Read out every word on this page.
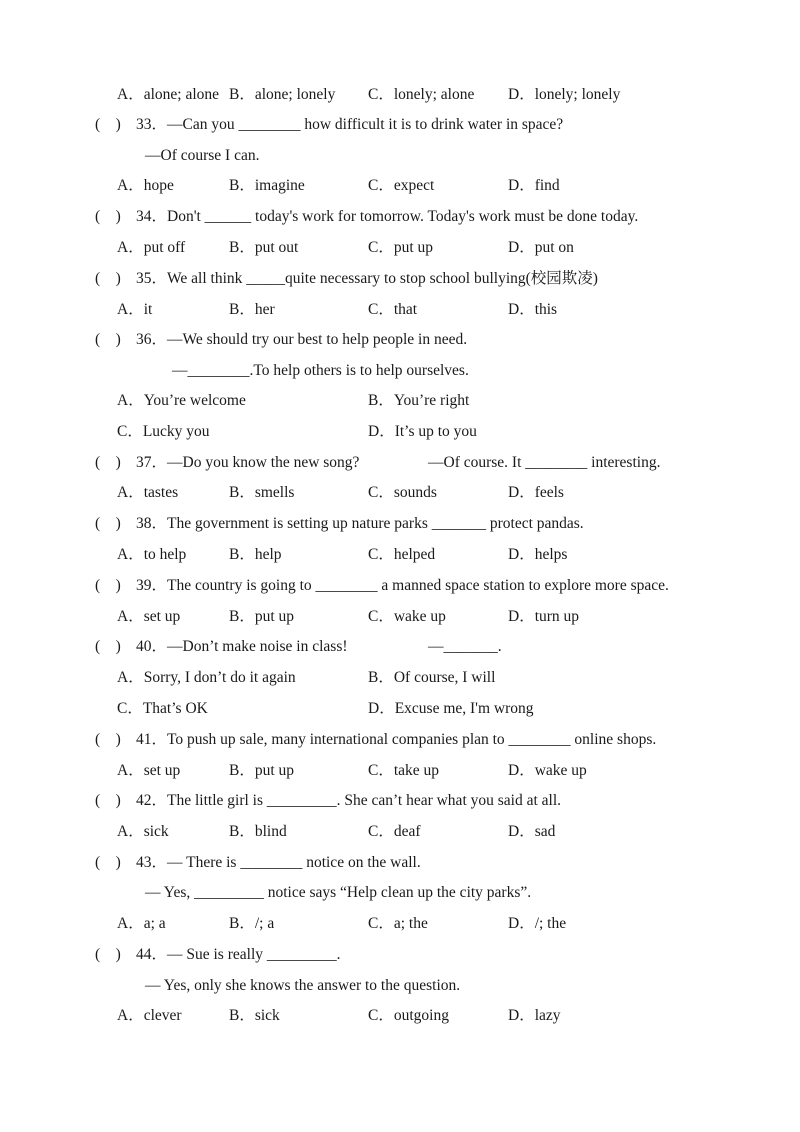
A．alone; alone B．alone; lonely C．lonely; alone D．lonely; lonely
(　) 33．—Can you ________ how difficult it is to drink water in space?
—Of course I can.
A．hope	B．imagine	C．expect	D．find
(　) 34．Don't ______ today's work for tomorrow. Today's work must be done today.
A．put off	B．put out	C．put up	D．put on
(　) 35．We all think _____quite necessary to stop school bullying(校园欺凌)
A．it	B．her	C．that	D．this
(　) 36．—We should try our best to help people in need.
—________.To help others is to help ourselves.
A．You’re welcome	B．You’re right
C．Lucky you	D．It’s up to you
(　) 37．—Do you know the new song?	—Of course. It ________ interesting.
A．tastes	B．smells	C．sounds	D．feels
(　) 38．The government is setting up nature parks _______ protect pandas.
A．to help	B．help	C．helped	D．helps
(　) 39．The country is going to ________ a manned space station to explore more space.
A．set up	B．put up	C．wake up	D．turn up
(　) 40．—Don’t make noise in class!	—_______.
A．Sorry, I don’t do it again	B．Of course, I will
C．That’s OK	D．Excuse me, I'm wrong
(　) 41．To push up sale, many international companies plan to ________ online shops.
A．set up	B．put up	C．take up	D．wake up
(　) 42．The little girl is _________. She can’t hear what you said at all.
A．sick	B．blind	C．deaf	D．sad
(　) 43．— There is ________ notice on the wall.
— Yes, _________ notice says “Help clean up the city parks”.
A．a; a	B．/; a	C．a; the	D．/; the
(　) 44．— Sue is really _________.
— Yes, only she knows the answer to the question.
A．clever	B．sick	C．outgoing	D．lazy
